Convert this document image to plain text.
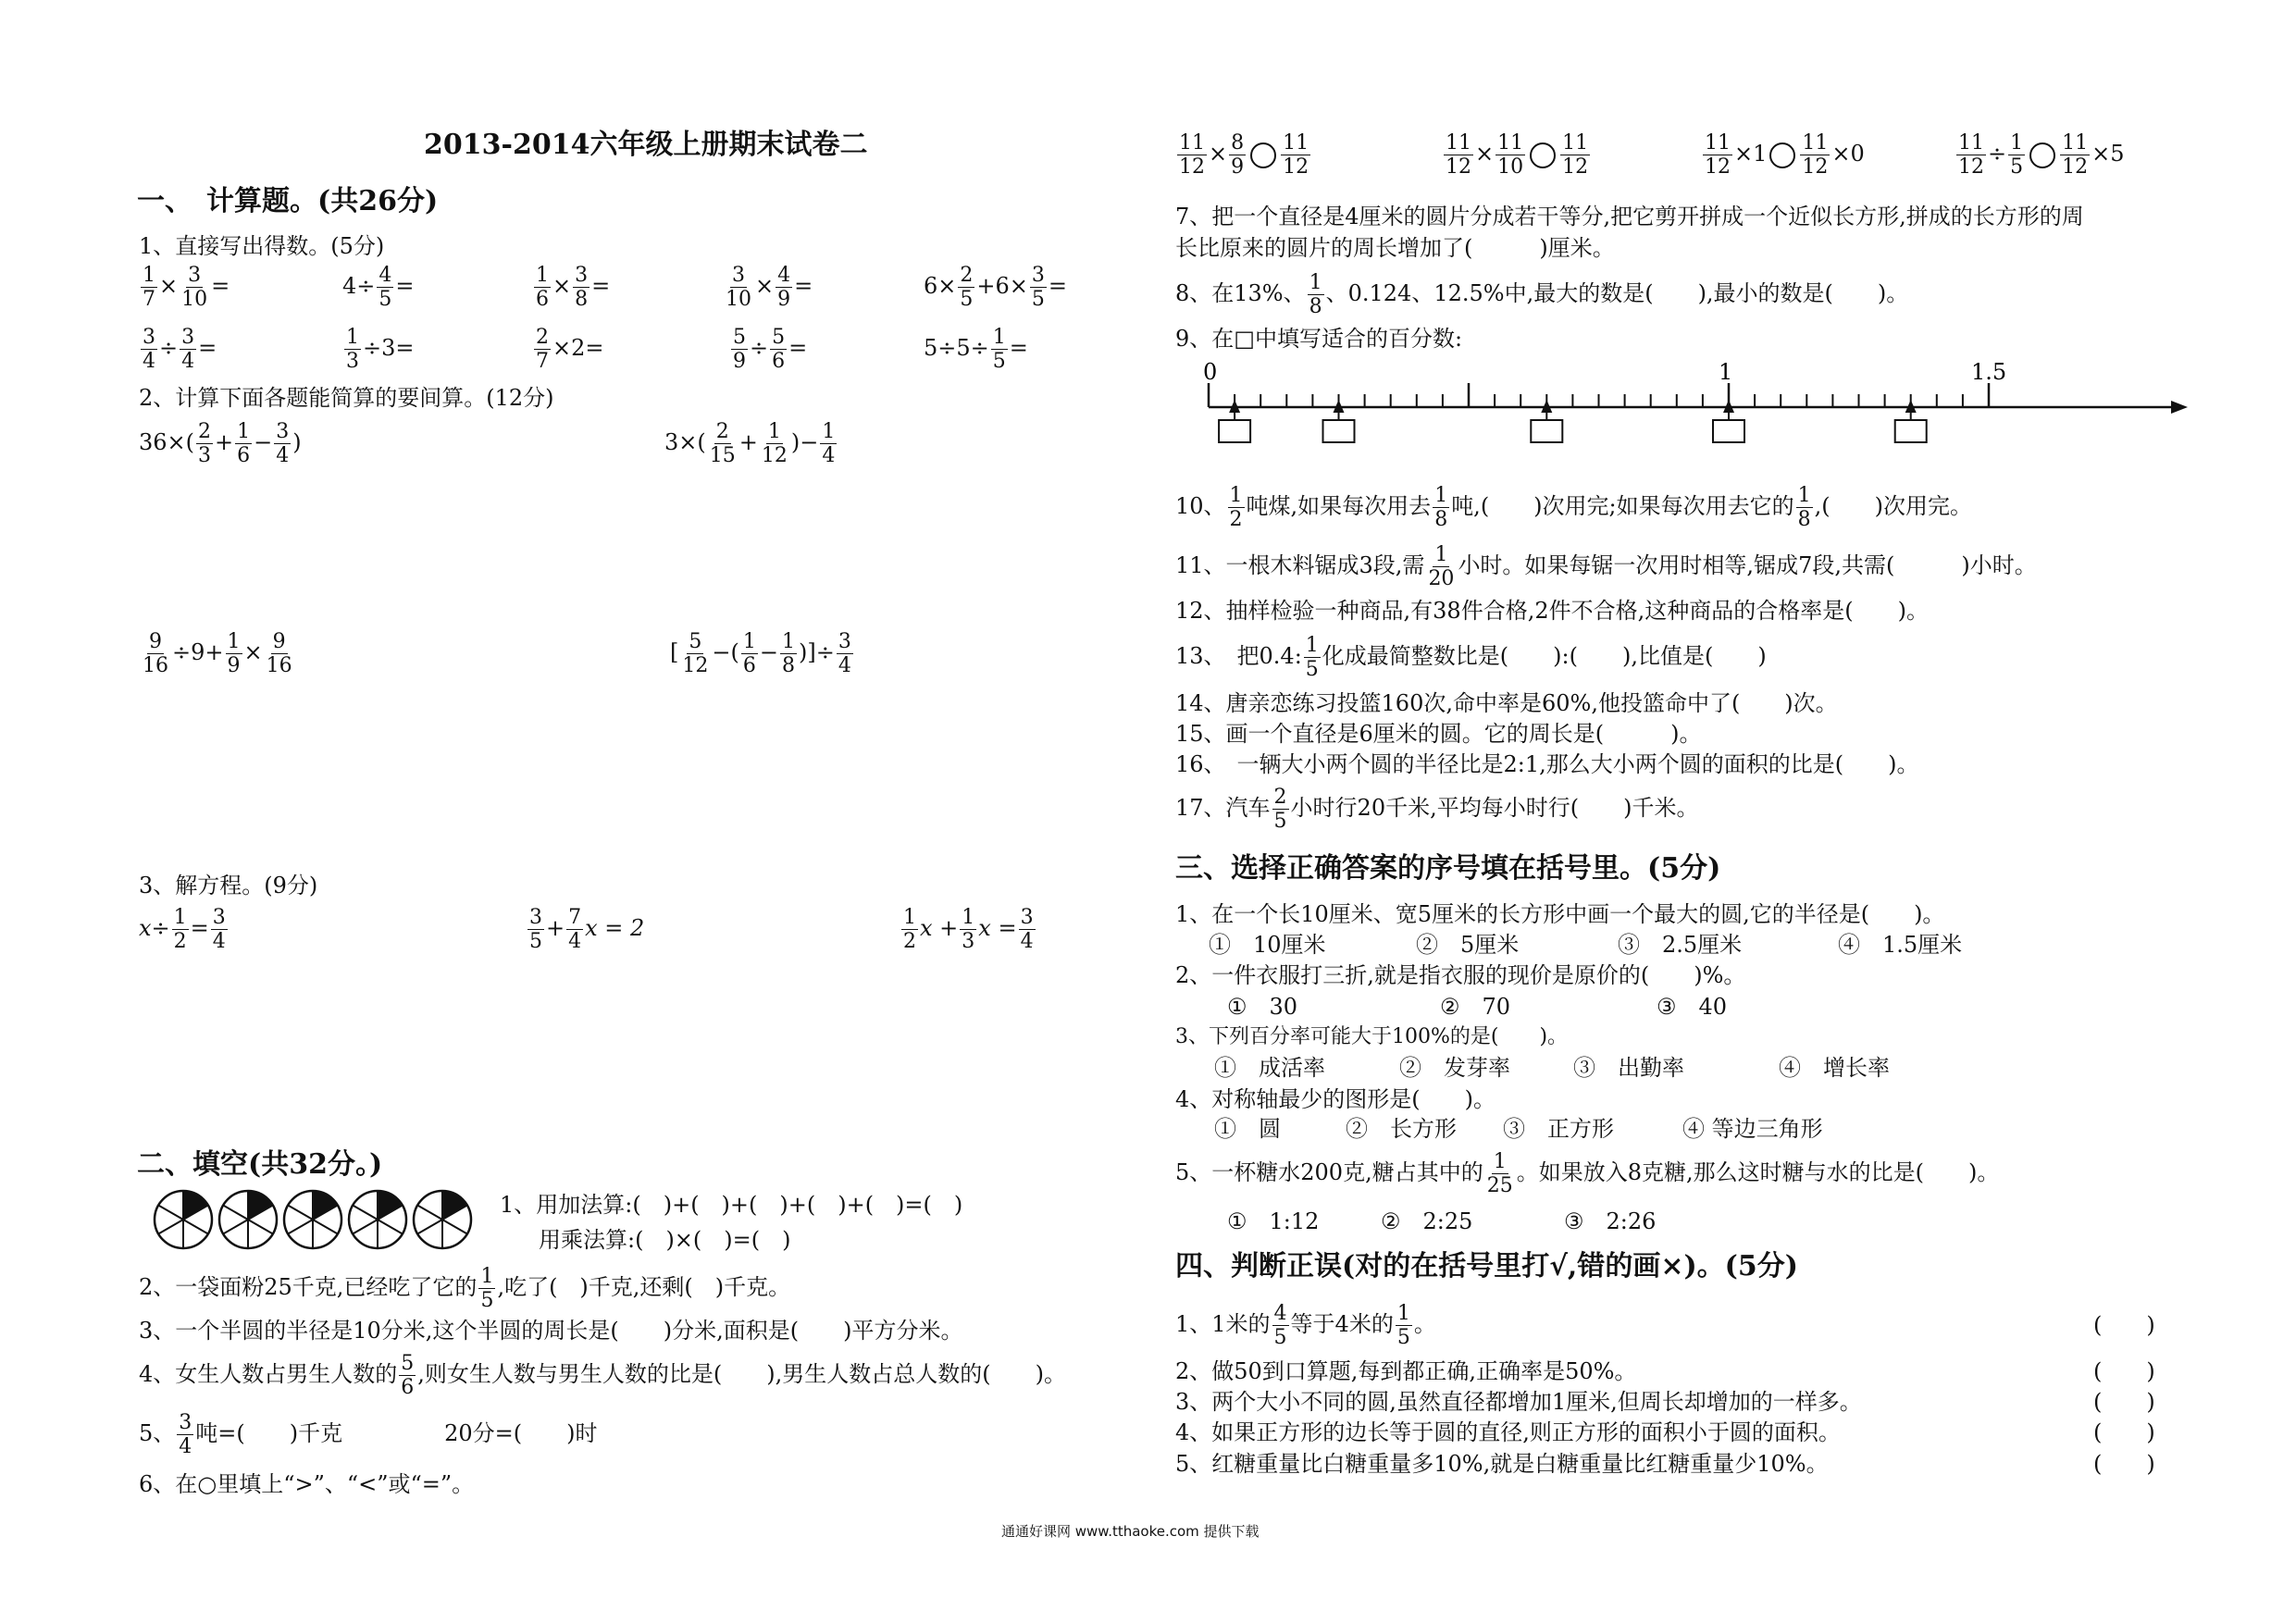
2013-2014六年级上册期末试卷二
一、　计算题。(共26分)
1、直接写出得数。(5分)
$\frac{1}{7} \times \frac{3}{10}$ =	$4\div \frac{4}{5}$ =	$\frac{1}{6} \times \frac{3}{8}$ =	$\frac{3}{10} \times \frac{4}{9}$ =	$6\times \frac{2}{5} +6\times \frac{3}{5}$ =
$\frac{3}{4} \div \frac{3}{4}$ =	$\frac{1}{3} \div 3=$	$\frac{2}{7} \times 2=$	$\frac{5}{9} \div \frac{5}{6}$ =	$5\div 5\div \frac{1}{5}$ =
2、计算下面各题能简算的要间算。(12分)
$36\times( \frac{2}{3} + \frac{1}{6} - \frac{3}{4}$ )	$3\times( \frac{2}{15} + \frac{1}{12}$ )− $\frac{1}{4}$
$\frac{9}{16} \div 9+ \frac{1}{9} \times \frac{9}{16}$	[ $\frac{5}{12}$ −( $\frac{1}{6} - \frac{1}{8}$ )]÷ $\frac{3}{4}$
3、解方程。(9分)
$x\div \frac{1}{2} = \frac{3}{4}$	$\frac{3}{5} + \frac{7}{4}$ x = 2	$\frac{1}{2}$ $x + \frac{1}{3}$ $x = \frac{3}{4}$
二、填空(共32分。)
1、用加法算:(　)+(　)+(　)+(　)+(　)=(　)
用乘法算:(　)×(　)=(　)
2、一袋面粉25千克,已经吃了它的 $\frac{1}{5}$ ,吃了(　)千克,还剩(　)千克。
3、一个半圆的半径是10分米,这个半圆的周长是(　　)分米,面积是(　　)平方分米。
4、女生人数占男生人数的 $\frac{5}{6}$ ,则女生人数与男生人数的比是(　　),男生人数占总人数的(　　)。
5、 $\frac{3}{4}$ 吨=(　　)千克	20分=(　　)时
6、在○里填上“>”、“<”或“=”。
$\frac{11}{12} \times \frac{8}{9} \frac{11}{12}$	$\frac{11}{12} \times \frac{11}{10} \frac{11}{12}$	$\frac{11}{12} \times 1 \frac{11}{12} \times 0$	$\frac{11}{12} \div \frac{1}{5} \frac{11}{12} \times 5$
7、把一个直径是4厘米的圆片分成若干等分,把它剪开拼成一个近似长方形,拼成的长方形的周
长比原来的圆片的周长增加了(　　　)厘米。
8、在13%、 $\frac{1}{8}$ 、0.124、12.5%中,最大的数是(　　),最小的数是(　　)。
9、在□中填写适合的百分数:
0	1	1.5
10、 $\frac{1}{2}$ 吨煤,如果每次用去 $\frac{1}{8}$ 吨,(　　)次用完;如果每次用去它的 $\frac{1}{8}$ ,(　　)次用完。
11、一根木料锯成3段,需 $\frac{1}{20}$ 小时。如果每锯一次用时相等,锯成7段,共需(　　　)小时。
12、抽样检验一种商品,有38件合格,2件不合格,这种商品的合格率是(　　)。
13、　把0.4: $\frac{1}{5}$ 化成最简整数比是(　　):(　　),比值是(　　)
14、唐亲恋练习投篮160次,命中率是60%,他投篮命中了(　　)次。
15、画一个直径是6厘米的圆。它的周长是(　　　)。
16、　一辆大小两个圆的半径比是2:1,那么大小两个圆的面积的比是(　　)。
17、汽车 $\frac{2}{5}$ 小时行20千米,平均每小时行(　　)千米。
三、选择正确答案的序号填在括号里。(5分)
1、在一个长10厘米、宽5厘米的长方形中画一个最大的圆,它的半径是(　　)。
①　10厘米	②　5厘米	③　2.5厘米	④　1.5厘米
2、一件衣服打三折,就是指衣服的现价是原价的(　　)%。
①　30	②　70	③　40
3、下列百分率可能大于100%的是(　　)。
①　成活率	②　发芽率	③　出勤率	④　增长率
4、对称轴最少的图形是(　　)。
①　圆	②　长方形 ③　正方形	④ 等边三角形
5、一杯糖水200克,糖占其中的 $\frac{1}{25}$ 。如果放入8克糖,那么这时糖与水的比是(　　)。
①　1:12	②　2:25	③　2:26
四、判断正误(对的在括号里打√,错的画×)。(5分)
1、1米的 $\frac{4}{5}$ 等于4米的 $\frac{1}{5}$ 。	(　　)
2、做50到口算题,每到都正确,正确率是50%。	(　　)
3、两个大小不同的圆,虽然直径都增加1厘米,但周长却增加的一样多。	(　　)
4、如果正方形的边长等于圆的直径,则正方形的面积小于圆的面积。	(　　)
5、红糖重量比白糖重量多10%,就是白糖重量比红糖重量少10%。	(　　)
通通好课网 www.tthaoke.com 提供下载
